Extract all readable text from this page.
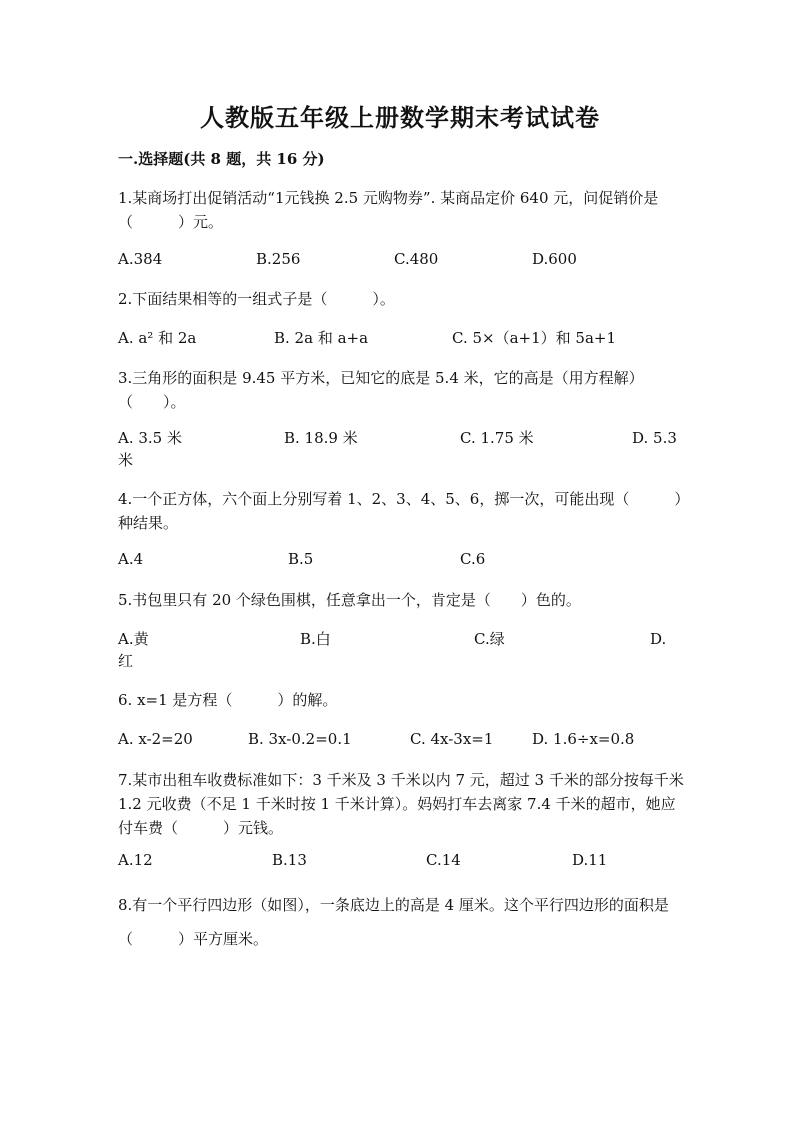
人教版五年级上册数学期末考试试卷
一.选择题(共 8 题，共 16 分)
1.某商场打出促销活动“1元钱换 2.5 元购物券”. 某商品定价 640 元，问促销价是（　　　）元。
A.384	B.256	C.480	D.600
2.下面结果相等的一组式子是（　　　）。
A. a² 和 2a	B. 2a 和 a+a	C. 5×（a+1）和 5a+1
3.三角形的面积是 9.45 平方米，已知它的底是 5.4 米，它的高是（用方程解）（　　）。
A. 3.5 米	B. 18.9 米	C. 1.75 米	D. 5.3
米
4.一个正方体，六个面上分别写着 1、2、3、4、5、6，掷一次，可能出现（　　　）种结果。
A.4	B.5	C.6
5.书包里只有 20 个绿色围棋，任意拿出一个，肯定是（　　）色的。
A.黄	B.白	C.绿	D.
红
6. x=1 是方程（　　　）的解。
A. x-2=20	B. 3x-0.2=0.1	C. 4x-3x=1	D. 1.6÷x=0.8
7.某市出租车收费标准如下：3 千米及 3 千米以内 7 元，超过 3 千米的部分按每千米 1.2 元收费（不足 1 千米时按 1 千米计算）。妈妈打车去离家 7.4 千米的超市，她应付车费（　　　）元钱。
A.12	B.13	C.14	D.11
8.有一个平行四边形（如图），一条底边上的高是 4 厘米。这个平行四边形的面积是（　　　）平方厘米。
